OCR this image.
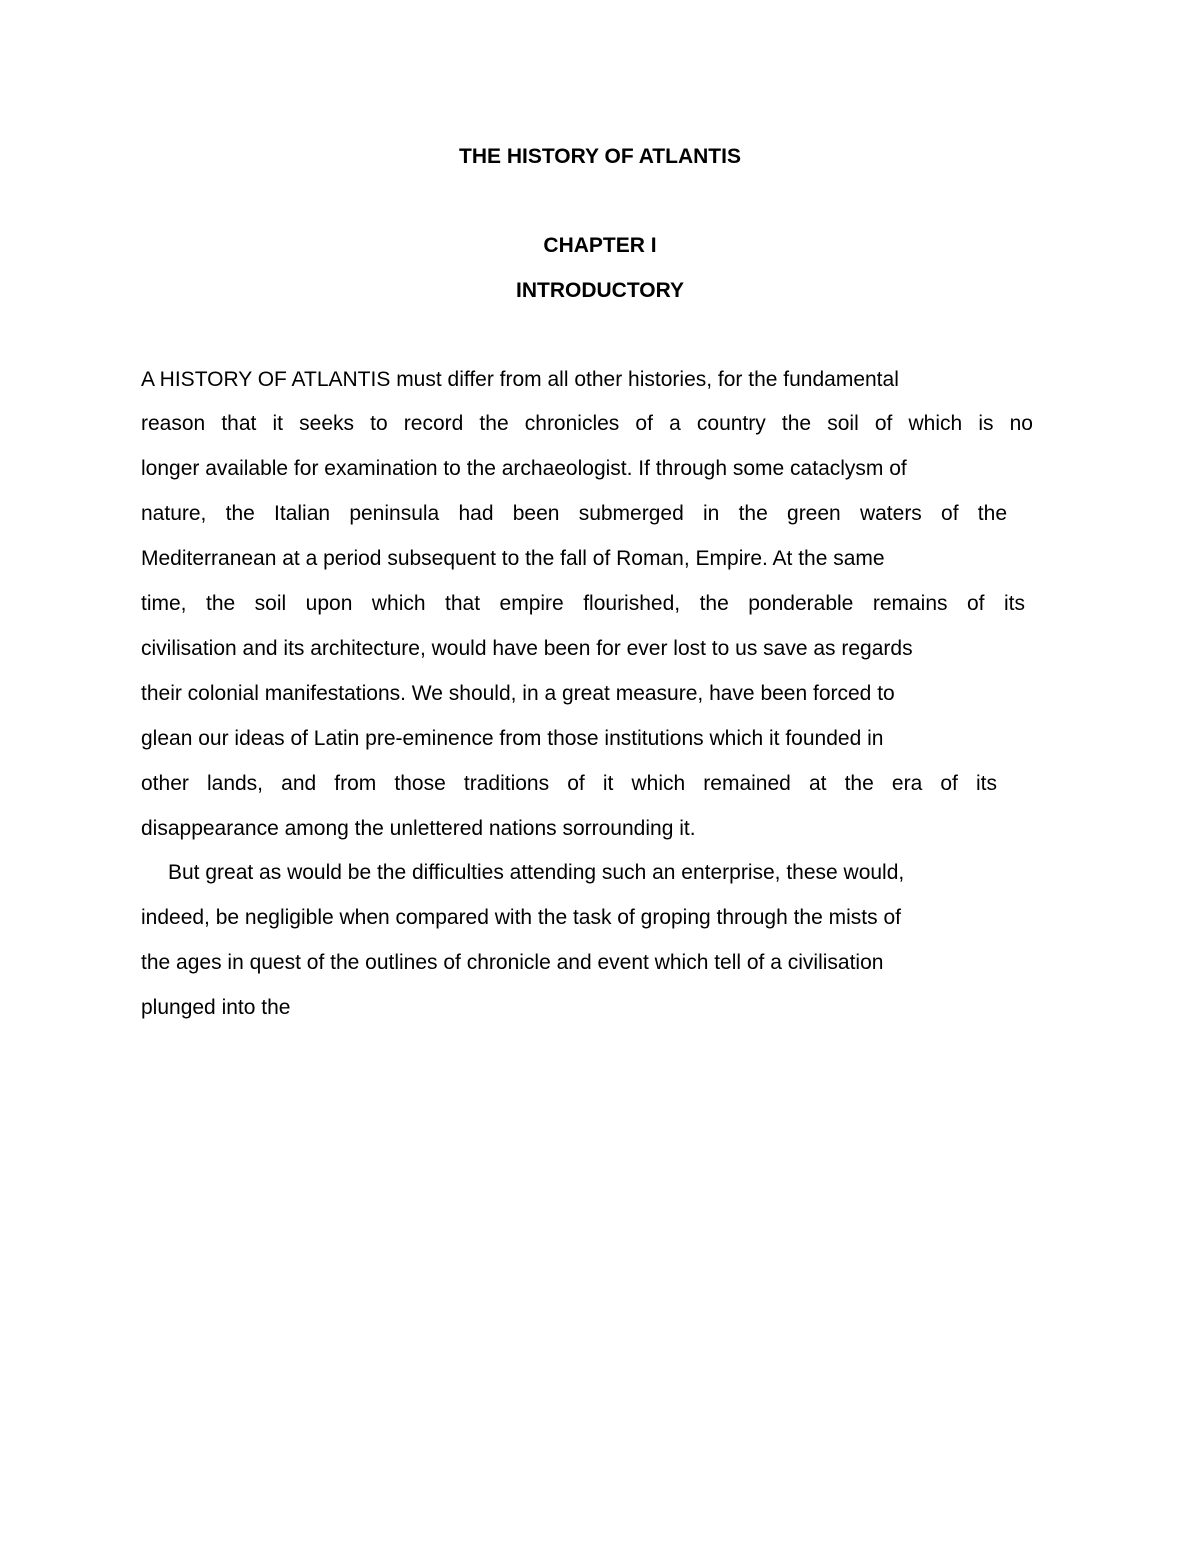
THE HISTORY OF ATLANTIS
CHAPTER I
INTRODUCTORY

A HISTORY OF ATLANTIS must differ from all other histories, for the fundamental

reason that it seeks to record the chronicles of a country the soil of which is no

longer available for examination to the archaeologist. If through some cataclysm of

nature, the Italian peninsula had been submerged in the green waters of the

Mediterranean at a period subsequent to the fall of Roman, Empire. At the same

time, the soil upon which that empire flourished, the ponderable remains of its

civilisation and its architecture, would have been for ever lost to us save as regards

their colonial manifestations. We should, in a great measure, have been forced to

glean our ideas of Latin pre-eminence from those institutions which it founded in

other lands, and from those traditions of it which remained at the era of its

disappearance among the unlettered nations sorrounding it.

But great as would be the difficulties attending such an enterprise, these would,

indeed, be negligible when compared with the task of groping through the mists of

the ages in quest of the outlines of chronicle and event which tell of a civilisation

plunged into the
